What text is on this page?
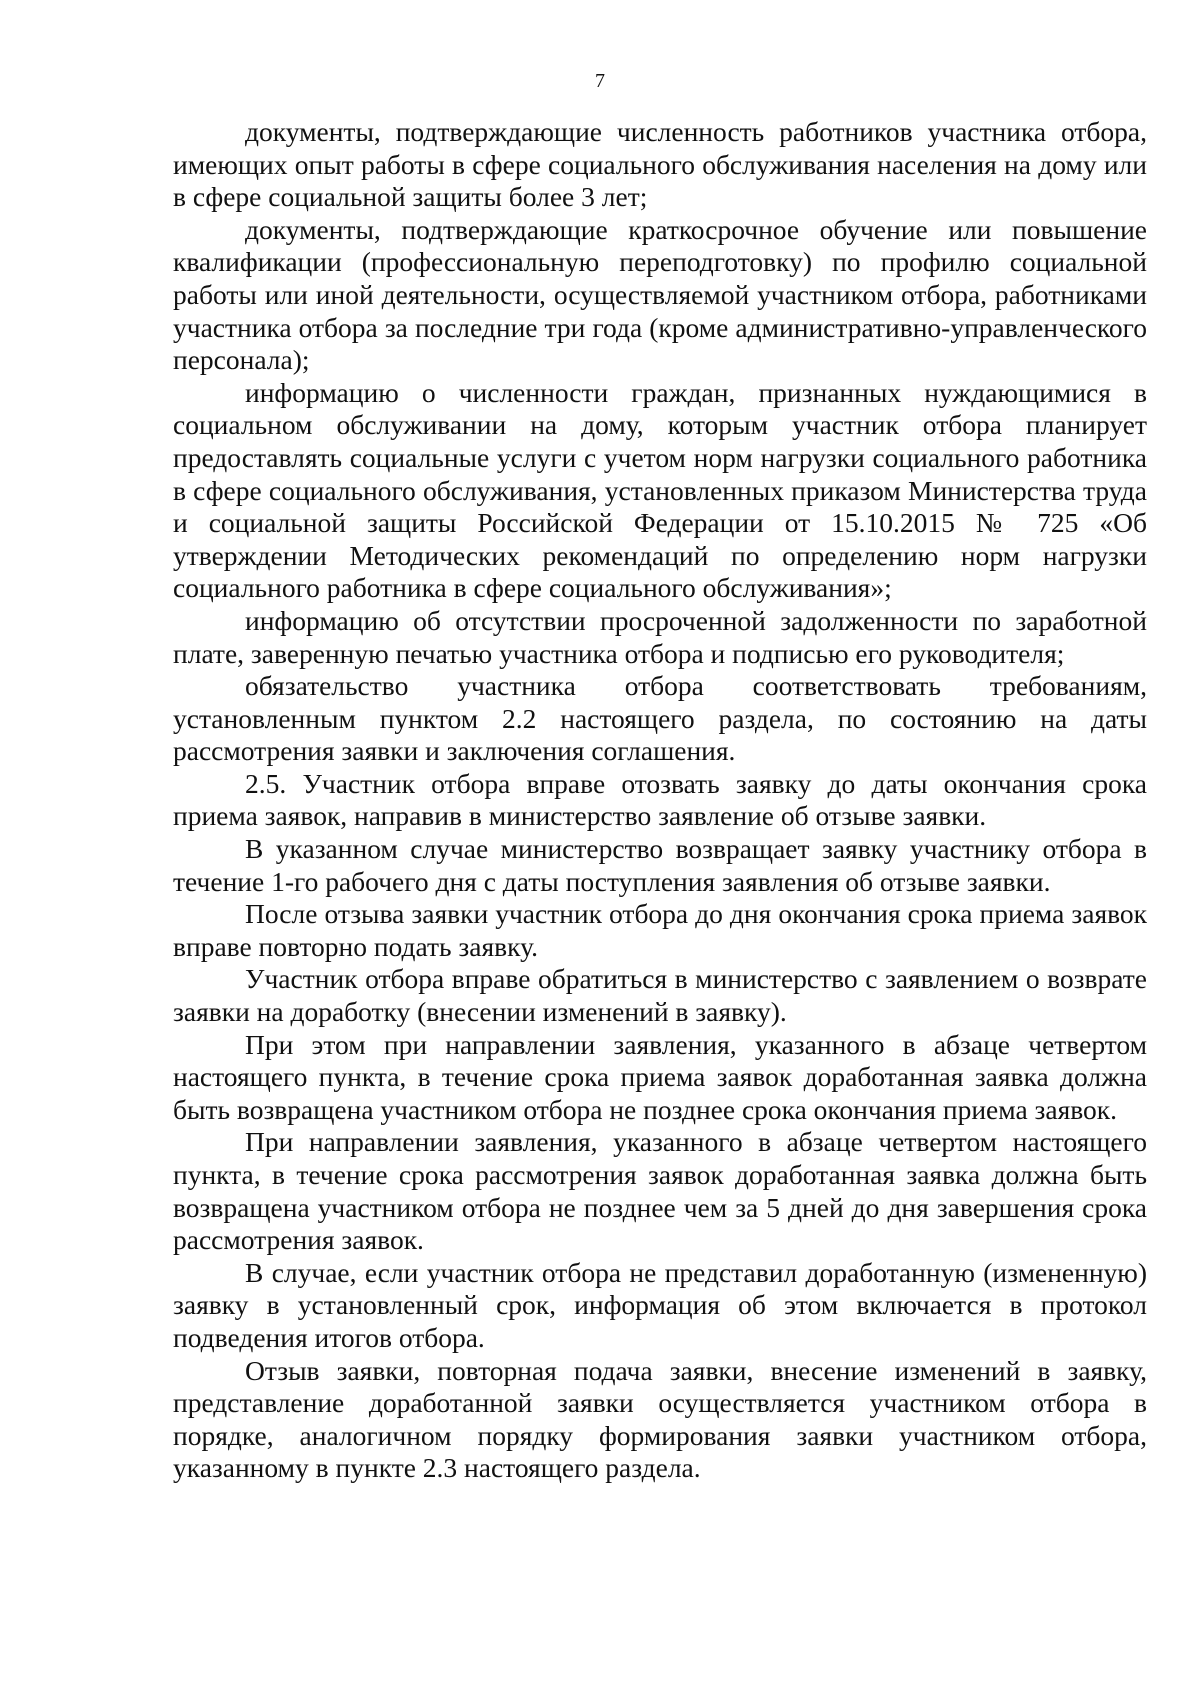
7

документы, подтверждающие численность работников участника отбора, имеющих опыт работы в сфере социального обслуживания населения на дому или в сфере социальной защиты более 3 лет;

документы, подтверждающие краткосрочное обучение или повышение квалификации (профессиональную переподготовку) по профилю социальной работы или иной деятельности, осуществляемой участником отбора, работниками участника отбора за последние три года (кроме административно-управленческого персонала);

информацию о численности граждан, признанных нуждающимися в социальном обслуживании на дому, которым участник отбора планирует предоставлять социальные услуги с учетом норм нагрузки социального работника в сфере социального обслуживания, установленных приказом Министерства труда и социальной защиты Российской Федерации от 15.10.2015 № 725 «Об утверждении Методических рекомендаций по определению норм нагрузки социального работника в сфере социального обслуживания»;

информацию об отсутствии просроченной задолженности по заработной плате, заверенную печатью участника отбора и подписью его руководителя;

обязательство участника отбора соответствовать требованиям, установленным пунктом 2.2 настоящего раздела, по состоянию на даты рассмотрения заявки и заключения соглашения.

2.5. Участник отбора вправе отозвать заявку до даты окончания срока приема заявок, направив в министерство заявление об отзыве заявки.

В указанном случае министерство возвращает заявку участнику отбора в течение 1-го рабочего дня с даты поступления заявления об отзыве заявки.

После отзыва заявки участник отбора до дня окончания срока приема заявок вправе повторно подать заявку.

Участник отбора вправе обратиться в министерство с заявлением о возврате заявки на доработку (внесении изменений в заявку).

При этом при направлении заявления, указанного в абзаце четвертом настоящего пункта, в течение срока приема заявок доработанная заявка должна быть возвращена участником отбора не позднее срока окончания приема заявок.

При направлении заявления, указанного в абзаце четвертом настоящего пункта, в течение срока рассмотрения заявок доработанная заявка должна быть возвращена участником отбора не позднее чем за 5 дней до дня завершения срока рассмотрения заявок.

В случае, если участник отбора не представил доработанную (измененную) заявку в установленный срок, информация об этом включается в протокол подведения итогов отбора.

Отзыв заявки, повторная подача заявки, внесение изменений в заявку, представление доработанной заявки осуществляется участником отбора в порядке, аналогичном порядку формирования заявки участником отбора, указанному в пункте 2.3 настоящего раздела.
